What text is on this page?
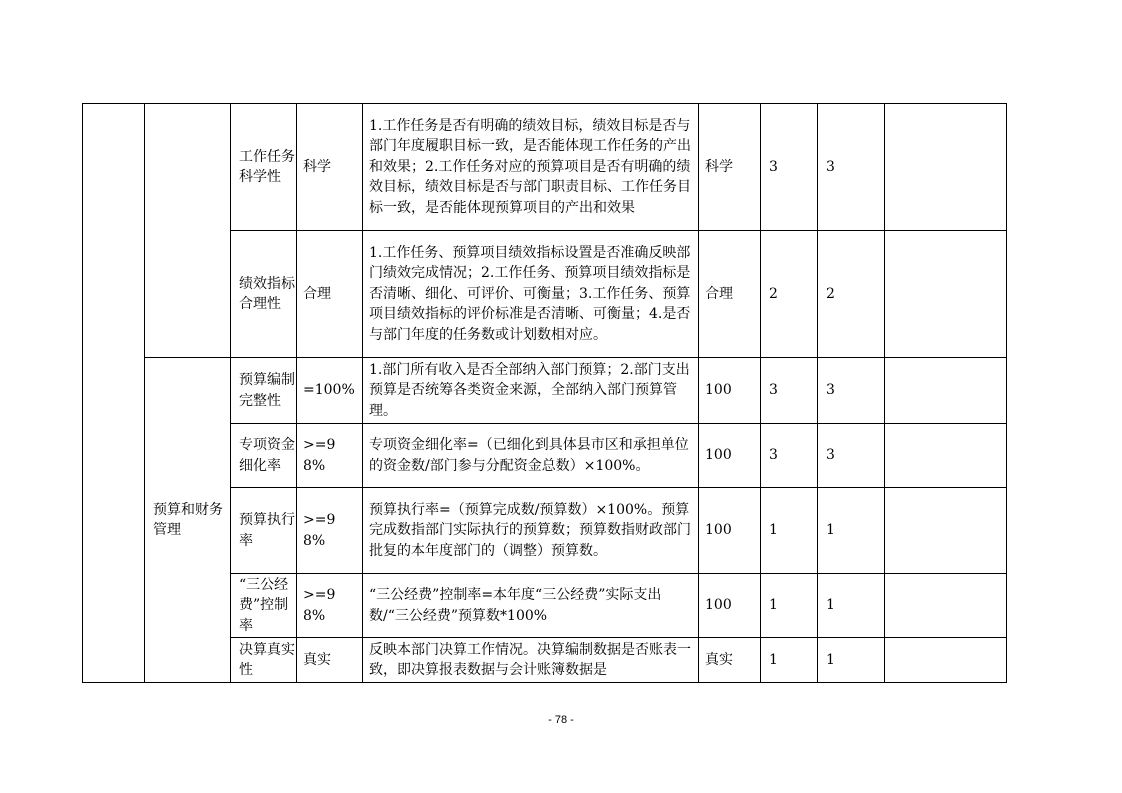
		工作任务科学性	科学	1.工作任务是否有明确的绩效目标，绩效目标是否与部门年度履职目标一致，是否能体现工作任务的产出和效果；2.工作任务对应的预算项目是否有明确的绩效目标，绩效目标是否与部门职责目标、工作任务目标一致，是否能体现预算项目的产出和效果	科学	3	3	
		绩效指标合理性	合理	1.工作任务、预算项目绩效指标设置是否准确反映部门绩效完成情况；2.工作任务、预算项目绩效指标是否清晰、细化、可评价、可衡量；3.工作任务、预算项目绩效指标的评价标准是否清晰、可衡量；4.是否与部门年度的任务数或计划数相对应。	合理	2	2	
	预算和财务管理	预算编制完整性	=100%	1.部门所有收入是否全部纳入部门预算；2.部门支出预算是否统筹各类资金来源，全部纳入部门预算管理。	100	3	3	
		专项资金细化率	>=98%	专项资金细化率=（已细化到具体县市区和承担单位的资金数/部门参与分配资金总数）×100%。	100	3	3	
		预算执行率	>=98%	预算执行率=（预算完成数/预算数）×100%。预算完成数指部门实际执行的预算数；预算数指财政部门批复的本年度部门的（调整）预算数。	100	1	1	
		“三公经费”控制率	>=98%	“三公经费”控制率=本年度“三公经费”实际支出数/“三公经费”预算数*100%	100	1	1	
		决算真实性	真实	反映本部门决算工作情况。决算编制数据是否账表一致，即决算报表数据与会计账簿数据是	真实	1	1	
- 78 -
